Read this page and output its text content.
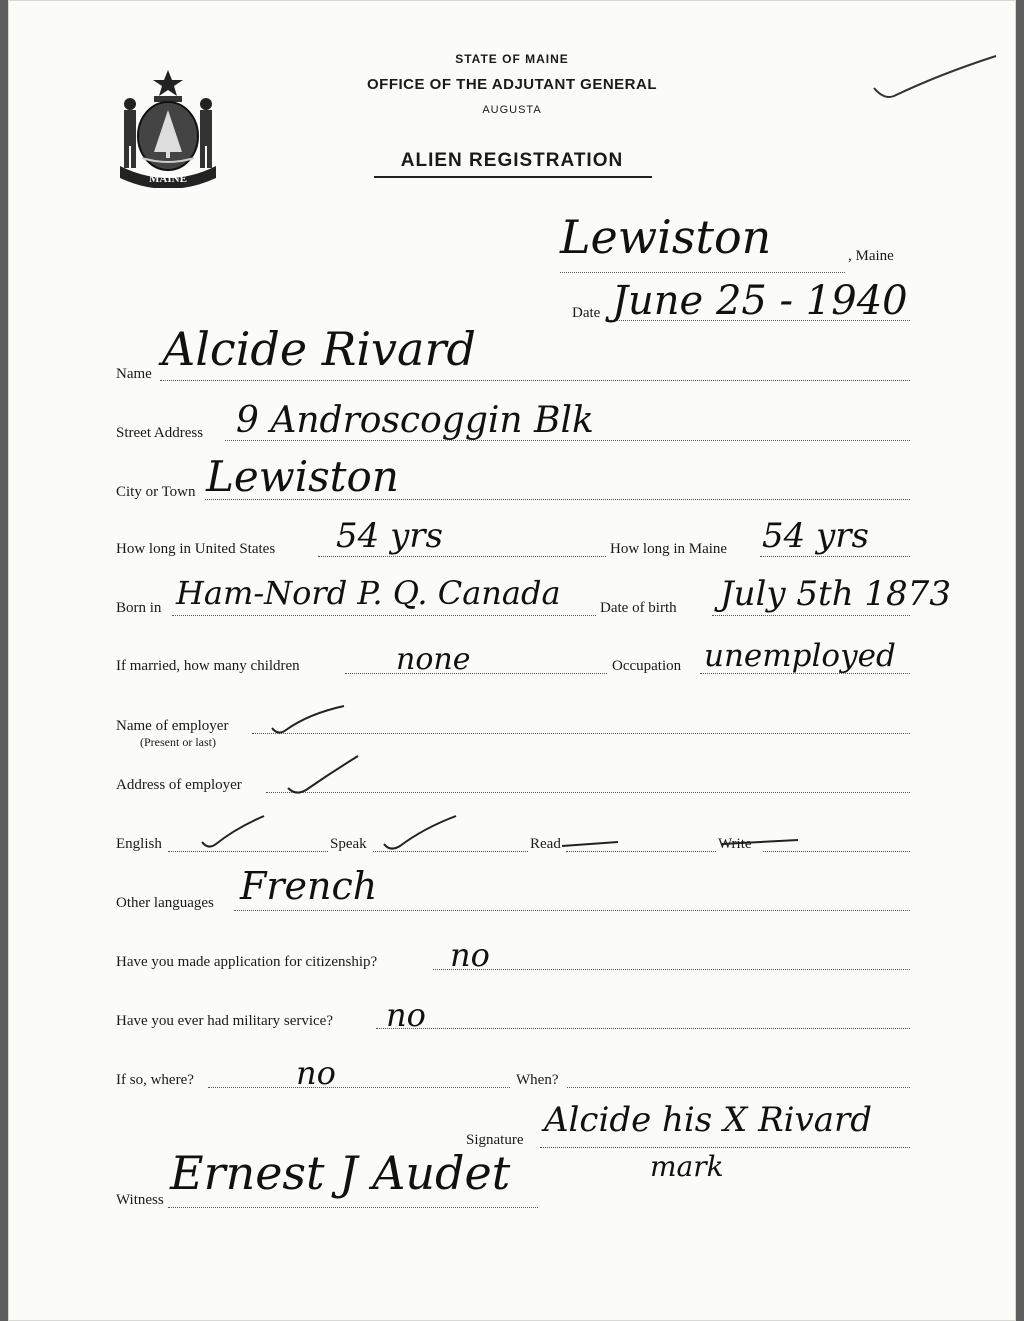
MAINE
STATE OF MAINE
OFFICE OF THE ADJUTANT GENERAL
AUGUSTA
ALIEN REGISTRATION
Lewiston	, Maine
Date June 25 - 1940
Name Alcide Rivard
Street Address 9 Androscoggin Blk
City or Town Lewiston
How long in United States 54 yrs	How long in Maine 54 yrs
Born in Ham-Nord P. Q. Canada	Date of birth July 5th 1873
If married, how many children	none	Occupation unemployed
Name of employer
(Present or last)
Address of employer
English	Speak	Read	Write
Other languages French
Have you made application for citizenship? no
Have you ever had military service? no
If so, where?	no	When?
Signature Alcide his X Rivard
mark
Witness Ernest J Audet
